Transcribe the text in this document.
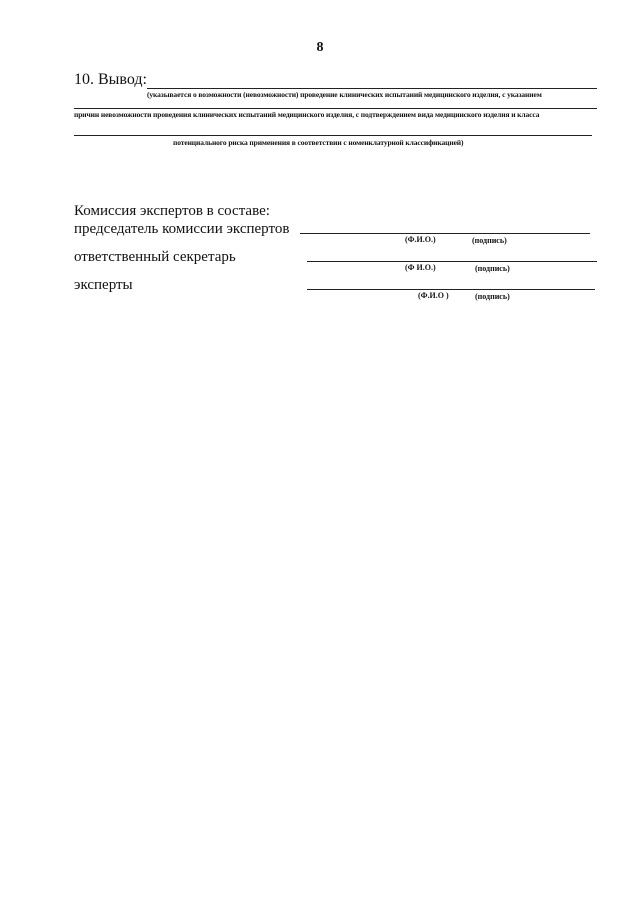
8
10. Вывод:
(указывается о возможности (невозможности) проведение клинических испытаний медицинского изделия, с указанием
причин невозможности проведения клинических испытаний медицинского изделия, с подтверждением вида медицинского изделия и класса
потенциального риска применения в соответствии с номенклатурной классификацией)
Комиссия экспертов в составе:
председатель комиссии экспертов
(Ф.И.О.)	(подпись)
ответственный секретарь
(Ф И.О.)	(подпись)
эксперты
(Ф.И.О )	(подпись)
